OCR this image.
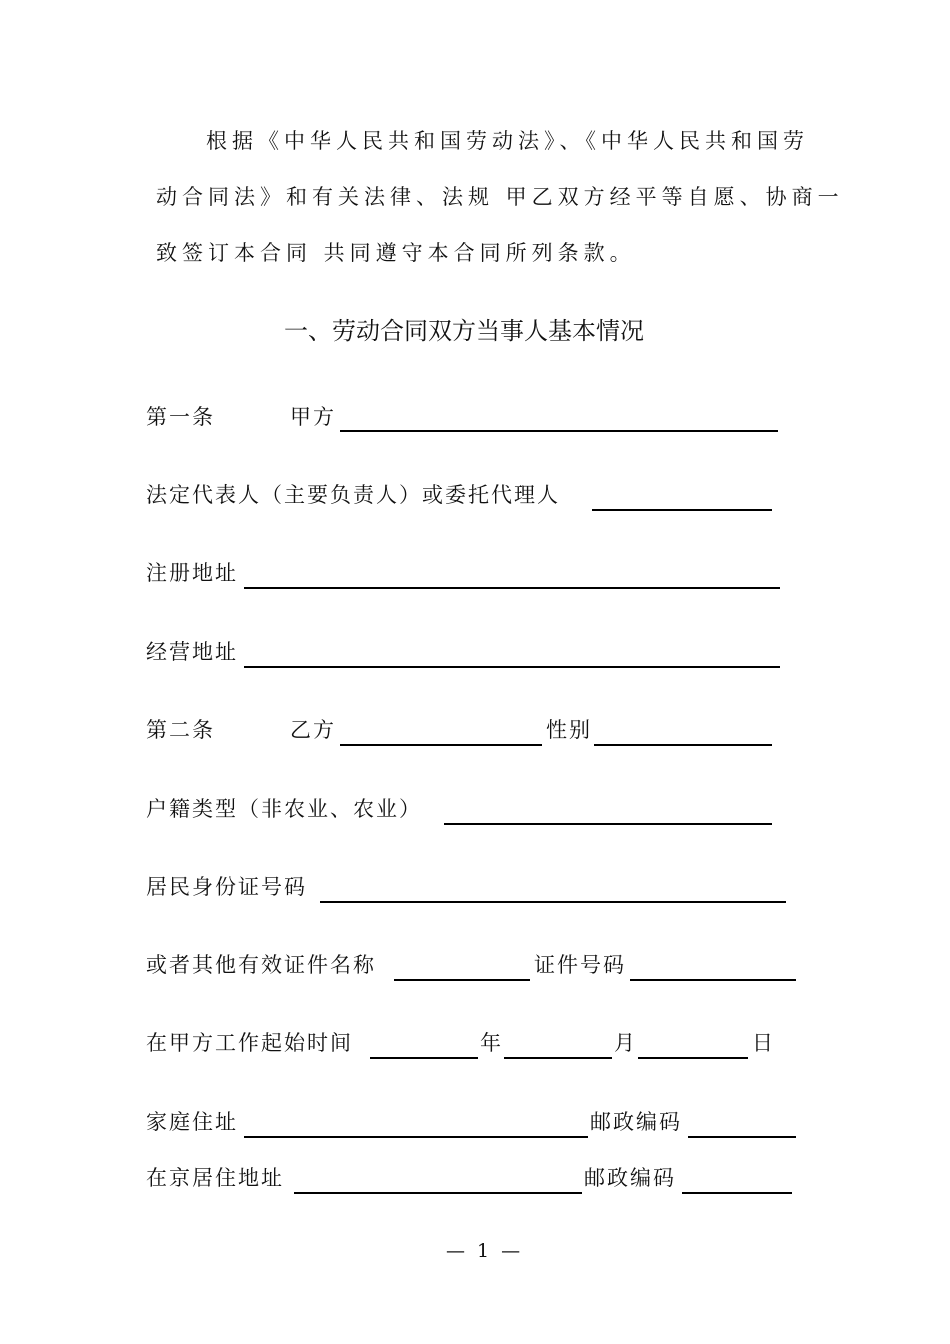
根据《中华人民共和国劳动法》、《中华人民共和国劳
动合同法》和有关法律、法规 甲乙双方经平等自愿、协商一
致签订本合同 共同遵守本合同所列条款。
一、劳动合同双方当事人基本情况
第一条	甲方
法定代表人（主要负责人）或委托代理人
注册地址
经营地址
第二条	乙方	性别
户籍类型（非农业、农业）
居民身份证号码
或者其他有效证件名称	证件号码
在甲方工作起始时间	年	月	日
家庭住址	邮政编码
在京居住地址	邮政编码
— 1 —
